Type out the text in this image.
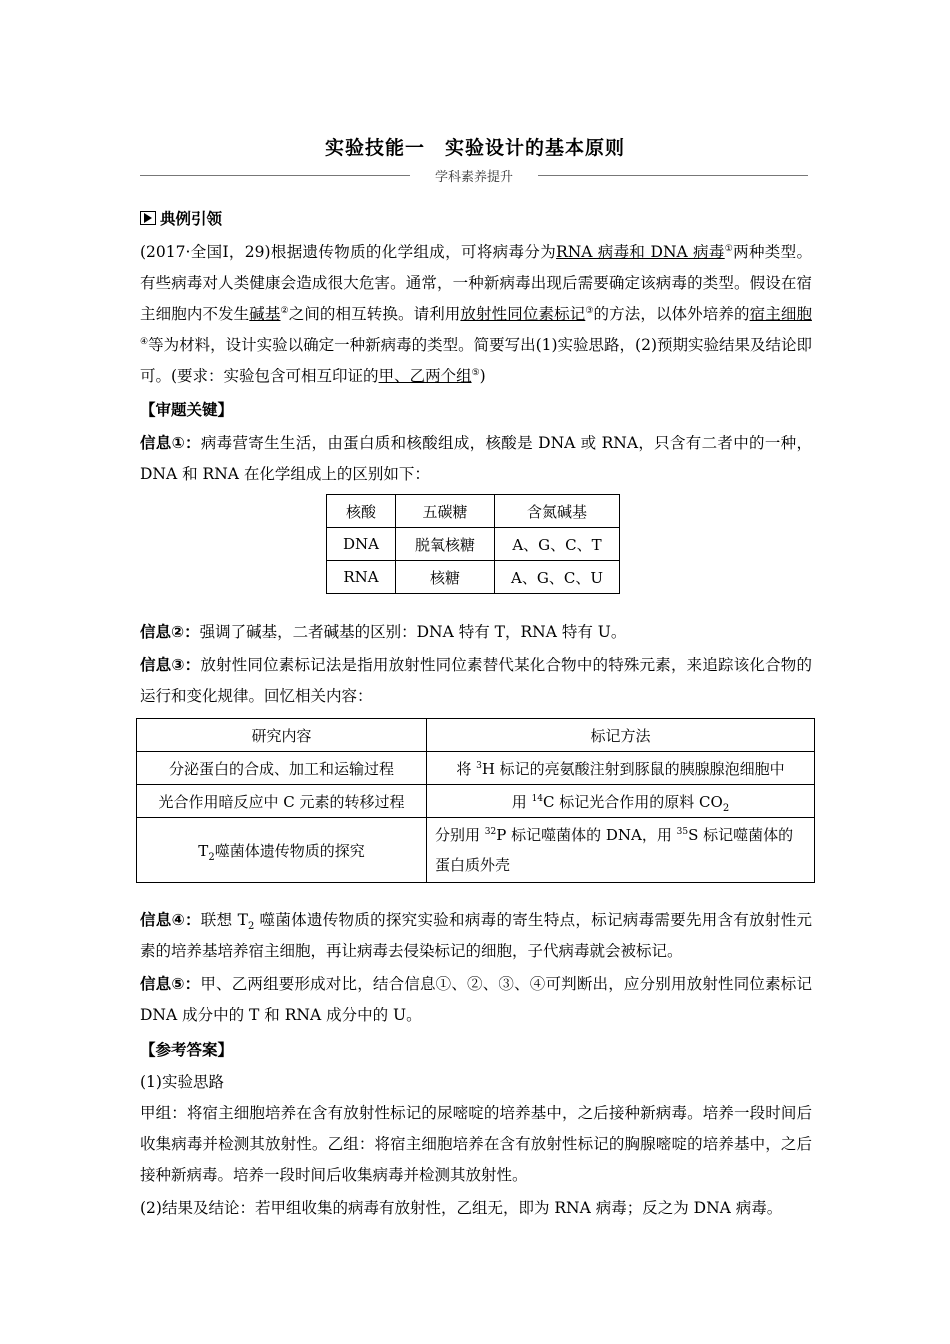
实验技能一　实验设计的基本原则
学科素养提升
典例引领
(2017·全国Ⅰ，29)根据遗传物质的化学组成，可将病毒分为RNA 病毒和 DNA 病毒①两种类型。有些病毒对人类健康会造成很大危害。通常，一种新病毒出现后需要确定该病毒的类型。假设在宿主细胞内不发生碱基②之间的相互转换。请利用放射性同位素标记③的方法，以体外培养的宿主细胞④等为材料，设计实验以确定一种新病毒的类型。简要写出(1)实验思路，(2)预期实验结果及结论即可。(要求：实验包含可相互印证的甲、乙两个组⑤)
【审题关键】
信息①：病毒营寄生生活，由蛋白质和核酸组成，核酸是 DNA 或 RNA，只含有二者中的一种，DNA 和 RNA 在化学组成上的区别如下：
核酸	五碳糖	含氮碱基
DNA	脱氧核糖	A、G、C、T
RNA	核糖	A、G、C、U
信息②：强调了碱基，二者碱基的区别：DNA 特有 T，RNA 特有 U。
信息③：放射性同位素标记法是指用放射性同位素替代某化合物中的特殊元素，来追踪该化合物的运行和变化规律。回忆相关内容：
研究内容	标记方法
分泌蛋白的合成、加工和运输过程	将 $^3$H 标记的亮氨酸注射到豚鼠的胰腺腺泡细胞中
光合作用暗反应中 C 元素的转移过程	用 $^{14}$C 标记光合作用的原料 $CO_2$
$T_2$噬菌体遗传物质的探究	分别用 $^{32}$P 标记噬菌体的 DNA，用 $^{35}$S 标记噬菌体的蛋白质外壳
信息④：联想 $T_2$ 噬菌体遗传物质的探究实验和病毒的寄生特点，标记病毒需要先用含有放射性元素的培养基培养宿主细胞，再让病毒去侵染标记的细胞，子代病毒就会被标记。
信息⑤：甲、乙两组要形成对比，结合信息①、②、③、④可判断出，应分别用放射性同位素标记 DNA 成分中的 T 和 RNA 成分中的 U。
【参考答案】
(1)实验思路
甲组：将宿主细胞培养在含有放射性标记的尿嘧啶的培养基中，之后接种新病毒。培养一段时间后收集病毒并检测其放射性。乙组：将宿主细胞培养在含有放射性标记的胸腺嘧啶的培养基中，之后接种新病毒。培养一段时间后收集病毒并检测其放射性。
(2)结果及结论：若甲组收集的病毒有放射性，乙组无，即为 RNA 病毒；反之为 DNA 病毒。
